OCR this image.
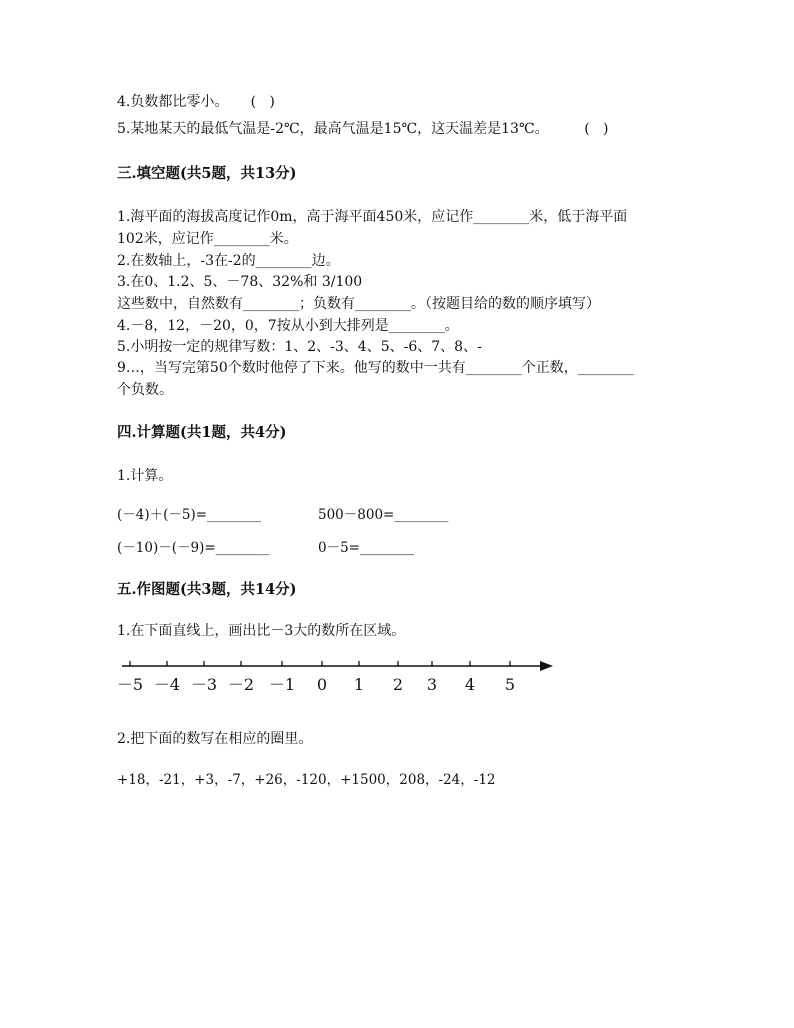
4.负数都比零小。     (   )
5.某地某天的最低气温是-2℃，最高气温是15℃，这天温差是13℃。        (   )
三.填空题(共5题，共13分)
1.海平面的海拔高度记作0m，高于海平面450米，应记作________米，低于海平面
102米，应记作________米。
2.在数轴上，-3在-2的________边。
3.在0、1.2、5、－78、32%和 3/100
这些数中，自然数有________；负数有________。（按题目给的数的顺序填写）
4.－8，12，－20，0，7按从小到大排列是________。
5.小明按一定的规律写数：1、2、-3、4、5、-6、7、8、-
9…，当写完第50个数时他停了下来。他写的数中一共有________个正数，________
个负数。
四.计算题(共1题，共4分)
1.计算。
(－4)＋(－5)=________	500－800=________
(－10)－(－9)=________	0－5=________
五.作图题(共3题，共14分)
1.在下面直线上，画出比－3大的数所在区域。
－5 －4 －3 －2 －1 0 1 2 3 4 5
2.把下面的数写在相应的圈里。
+18，-21，+3，-7，+26，-120，+1500，208，-24，-12
